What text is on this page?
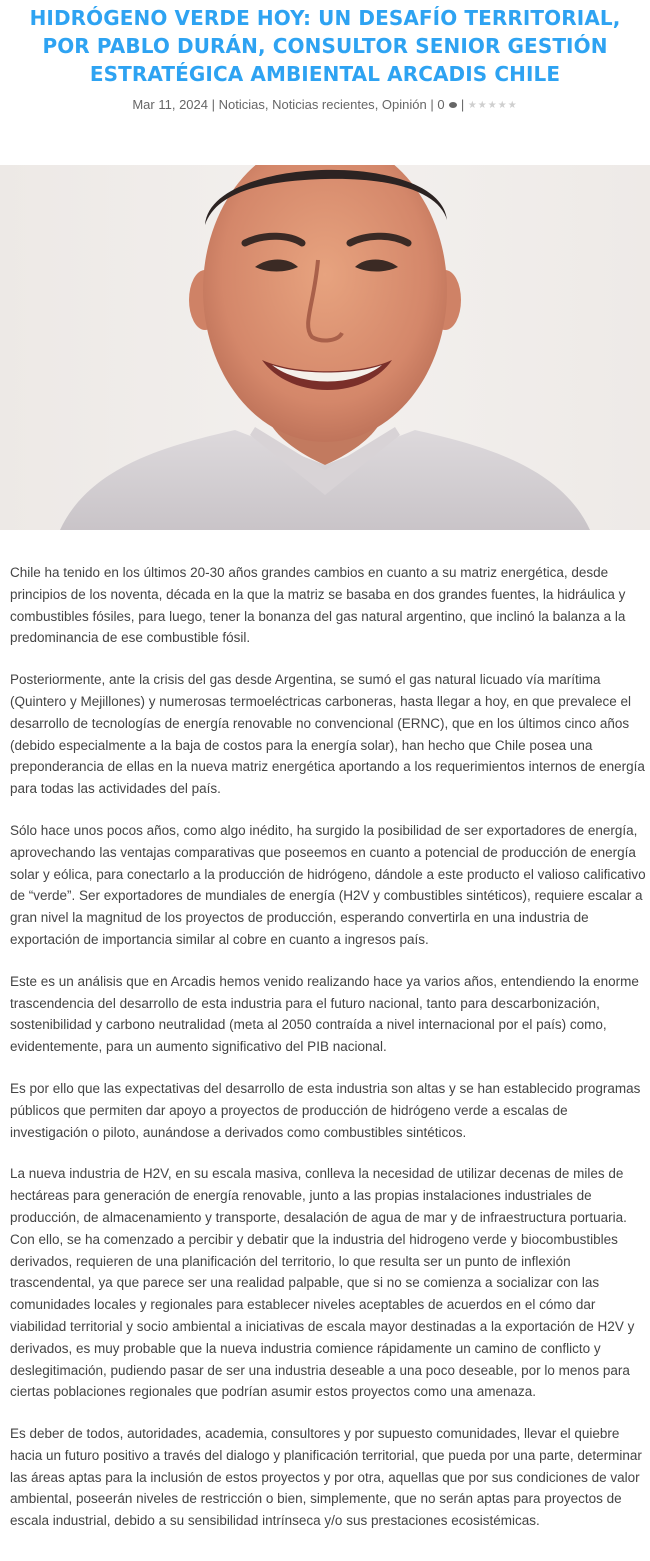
HIDRÓGENO VERDE HOY: UN DESAFÍO TERRITORIAL, POR PABLO DURÁN, CONSULTOR SENIOR GESTIÓN ESTRATÉGICA AMBIENTAL ARCADIS CHILE
Mar 11, 2024 | Noticias, Noticias recientes, Opinión | 0  | ★★★★★

Chile ha tenido en los últimos 20-30 años grandes cambios en cuanto a su matriz energética, desde principios de los noventa, década en la que la matriz se basaba en dos grandes fuentes, la hidráulica y combustibles fósiles, para luego, tener la bonanza del gas natural argentino, que inclinó la balanza a la predominancia de ese combustible fósil.

Posteriormente, ante la crisis del gas desde Argentina, se sumó el gas natural licuado vía marítima (Quintero y Mejillones) y numerosas termoeléctricas carboneras, hasta llegar a hoy, en que prevalece el desarrollo de tecnologías de energía renovable no convencional (ERNC), que en los últimos cinco años (debido especialmente a la baja de costos para la energía solar), han hecho que Chile posea una preponderancia de ellas en la nueva matriz energética aportando a los requerimientos internos de energía para todas las actividades del país.

Sólo hace unos pocos años, como algo inédito, ha surgido la posibilidad de ser exportadores de energía, aprovechando las ventajas comparativas que poseemos en cuanto a potencial de producción de energía solar y eólica, para conectarlo a la producción de hidrógeno, dándole a este producto el valioso calificativo de “verde”. Ser exportadores de mundiales de energía (H2V y combustibles sintéticos), requiere escalar a gran nivel la magnitud de los proyectos de producción, esperando convertirla en una industria de exportación de importancia similar al cobre en cuanto a ingresos país.

Este es un análisis que en Arcadis hemos venido realizando hace ya varios años, entendiendo la enorme trascendencia del desarrollo de esta industria para el futuro nacional, tanto para descarbonización, sostenibilidad y carbono neutralidad (meta al 2050 contraída a nivel internacional por el país) como, evidentemente, para un aumento significativo del PIB nacional.

Es por ello que las expectativas del desarrollo de esta industria son altas y se han establecido programas públicos que permiten dar apoyo a proyectos de producción de hidrógeno verde a escalas de investigación o piloto, aunándose a derivados como combustibles sintéticos.

La nueva industria de H2V, en su escala masiva, conlleva la necesidad de utilizar decenas de miles de hectáreas para generación de energía renovable, junto a las propias instalaciones industriales de producción, de almacenamiento y transporte, desalación de agua de mar y de infraestructura portuaria. Con ello, se ha comenzado a percibir y debatir que la industria del hidrogeno verde y biocombustibles derivados, requieren de una planificación del territorio, lo que resulta ser un punto de inflexión trascendental, ya que parece ser una realidad palpable, que si no se comienza a socializar con las comunidades locales y regionales para establecer niveles aceptables de acuerdos en el cómo dar viabilidad territorial y socio ambiental a iniciativas de escala mayor destinadas a la exportación de H2V y derivados, es muy probable que la nueva industria comience rápidamente un camino de conflicto y deslegitimación, pudiendo pasar de ser una industria deseable a una poco deseable, por lo menos para ciertas poblaciones regionales que podrían asumir estos proyectos como una amenaza.

Es deber de todos, autoridades, academia, consultores y por supuesto comunidades, llevar el quiebre hacia un futuro positivo a través del dialogo y planificación territorial, que pueda por una parte, determinar las áreas aptas para la inclusión de estos proyectos y por otra, aquellas que por sus condiciones de valor ambiental, poseerán niveles de restricción o bien, simplemente, que no serán aptas para proyectos de escala industrial, debido a su sensibilidad intrínseca y/o sus prestaciones ecosistémicas.
